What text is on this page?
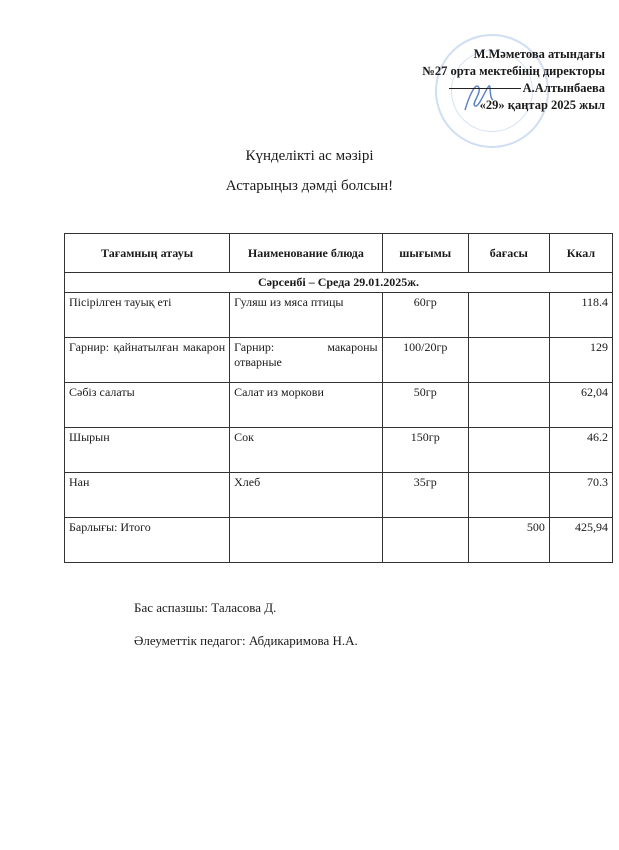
М.Мәметова атындағы
№27 орта мектебінің директоры
А.Алтынбаева
«29» қаңтар 2025 жыл
Күнделікті ас мәзірі
Астарыңыз дәмді болсын!
Тағамның атауы	Наименование блюда	шығымы	бағасы	Ккал
Сәрсенбі – Среда 29.01.2025ж.				
Пісірілген тауық еті	Гуляш из мяса птицы	60гр		118.4
Гарнир: қайнатылған макарон	Гарнир: макароны отварные	100/20гр		129
Сәбіз салаты	Салат из моркови	50гр		62,04
Шырын	Сок	150гр		46.2
Нан	Хлеб	35гр		70.3
Барлығы: Итого			500	425,94
Бас аспазшы: Таласова Д.
Әлеуметтік педагог: Абдикаримова Н.А.
